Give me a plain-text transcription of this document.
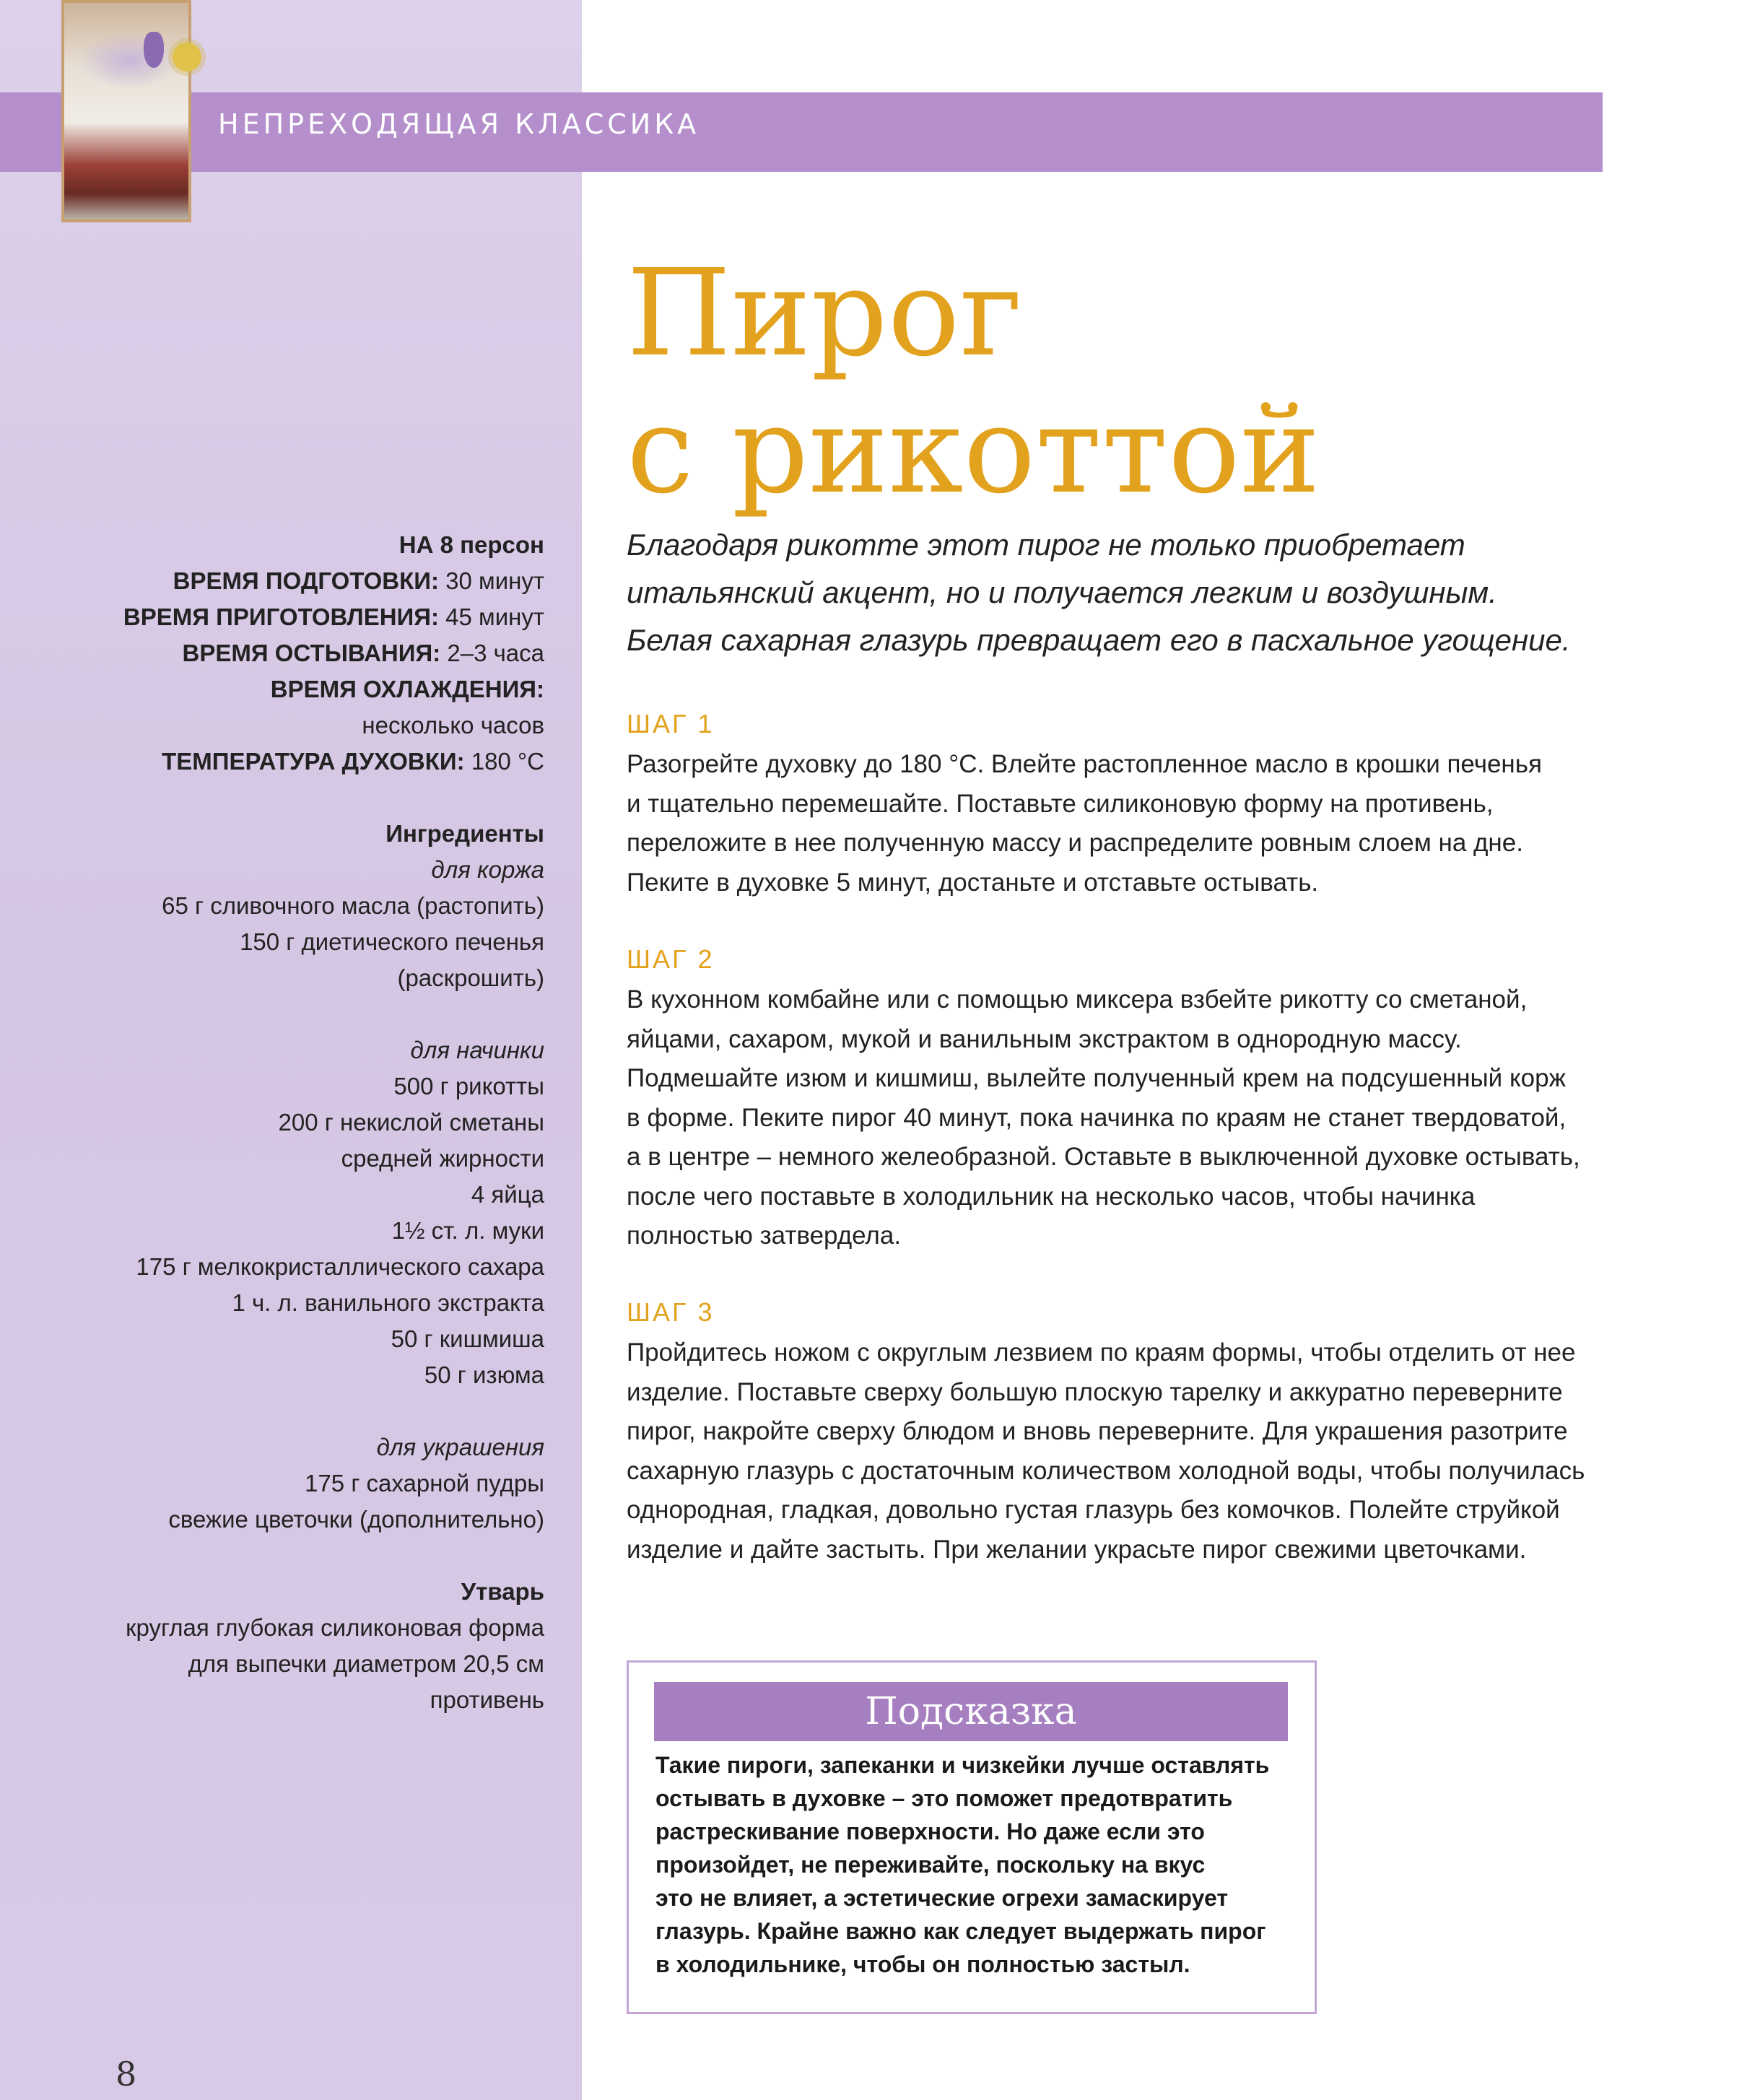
НЕПРЕХОДЯЩАЯ КЛАССИКА
Пирог
с рикоттой
Благодаря рикотте этот пирог не только приобретает
итальянский акцент, но и получается легким и воздушным.
Белая сахарная глазурь превращает его в пасхальное угощение.
НА 8 персон
ВРЕМЯ ПОДГОТОВКИ: 30 минут
ВРЕМЯ ПРИГОТОВЛЕНИЯ: 45 минут
ВРЕМЯ ОСТЫВАНИЯ: 2–3 часа
ВРЕМЯ ОХЛАЖДЕНИЯ:
несколько часов
ТЕМПЕРАТУРА ДУХОВКИ: 180 °C
Ингредиенты
для коржа
65 г сливочного масла (растопить)
150 г диетического печенья
(раскрошить)
для начинки
500 г рикотты
200 г некислой сметаны
средней жирности
4 яйца
1½ ст. л. муки
175 г мелкокристаллического сахара
1 ч. л. ванильного экстракта
50 г кишмиша
50 г изюма
для украшения
175 г сахарной пудры
свежие цветочки (дополнительно)
Утварь
круглая глубокая силиконовая форма
для выпечки диаметром 20,5 см
противень
ШАГ 1
Разогрейте духовку до 180 °С. Влейте растопленное масло в крошки печенья
и тщательно перемешайте. Поставьте силиконовую форму на противень,
переложите в нее полученную массу и распределите ровным слоем на дне.
Пеките в духовке 5 минут, достаньте и отставьте остывать.
ШАГ 2
В кухонном комбайне или с помощью миксера взбейте рикотту со сметаной,
яйцами, сахаром, мукой и ванильным экстрактом в однородную массу.
Подмешайте изюм и кишмиш, вылейте полученный крем на подсушенный корж
в форме. Пеките пирог 40 минут, пока начинка по краям не станет твердоватой,
а в центре – немного желеобразной. Оставьте в выключенной духовке остывать,
после чего поставьте в холодильник на несколько часов, чтобы начинка
полностью затвердела.
ШАГ 3
Пройдитесь ножом с округлым лезвием по краям формы, чтобы отделить от нее
изделие. Поставьте сверху большую плоскую тарелку и аккуратно переверните
пирог, накройте сверху блюдом и вновь переверните. Для украшения разотрите
сахарную глазурь с достаточным количеством холодной воды, чтобы получилась
однородная, гладкая, довольно густая глазурь без комочков. Полейте струйкой
изделие и дайте застыть. При желании украсьте пирог свежими цветочками.
Подсказка
Такие пироги, запеканки и чизкейки лучше оставлять
остывать в духовке – это поможет предотвратить
растрескивание поверхности. Но даже если это
произойдет, не переживайте, поскольку на вкус
это не влияет, а эстетические огрехи замаскирует
глазурь. Крайне важно как следует выдержать пирог
в холодильнике, чтобы он полностью застыл.
8
